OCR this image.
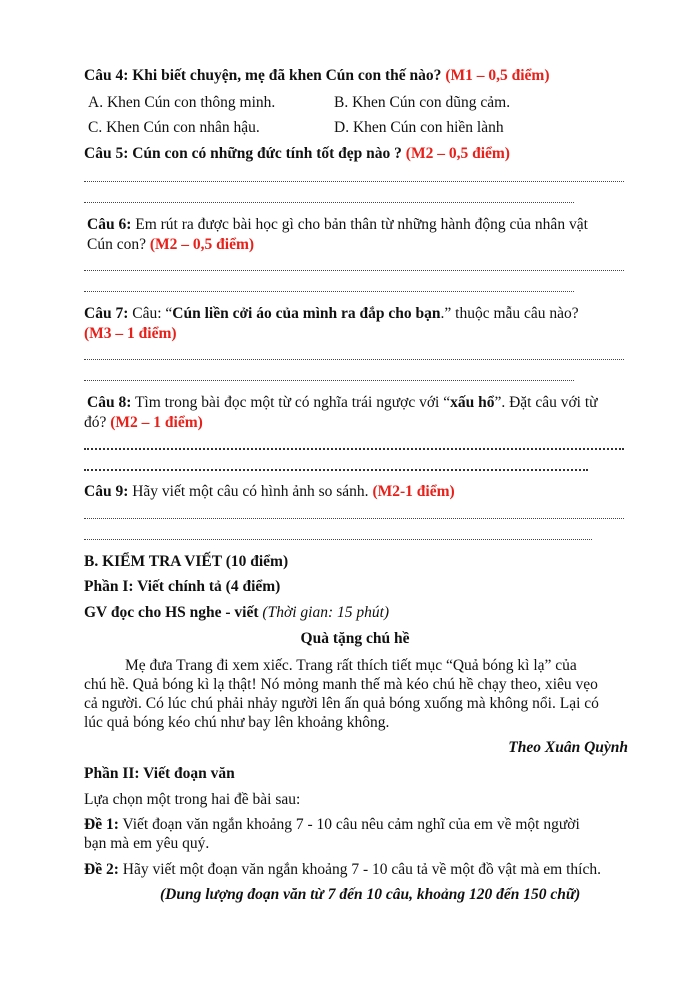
Câu 4: Khi biết chuyện, mẹ đã khen Cún con thế nào? (M1 – 0,5 điểm)
A. Khen Cún con thông minh.	B. Khen Cún con dũng cảm.
C. Khen Cún con nhân hậu.	D. Khen Cún con hiền lành
Câu 5: Cún con có những đức tính tốt đẹp nào ? (M2 – 0,5 điểm)
Câu 6: Em rút ra được bài học gì cho bản thân từ những hành động của nhân vật
Cún con? (M2 – 0,5 điểm)
Câu 7: Câu: “Cún liền cởi áo của mình ra đắp cho bạn.” thuộc mẫu câu nào?
(M3 – 1 điểm)
Câu 8: Tìm trong bài đọc một từ có nghĩa trái ngược với “xấu hổ”. Đặt câu với từ
đó? (M2 – 1 điểm)
Câu 9: Hãy viết một câu có hình ảnh so sánh. (M2-1 điểm)
B. KIỂM TRA VIẾT (10 điểm)
Phần I: Viết chính tả (4 điểm)
GV đọc cho HS nghe - viết (Thời gian: 15 phút)
Quà tặng chú hề
Mẹ đưa Trang đi xem xiếc. Trang rất thích tiết mục “Quả bóng kì lạ” của
chú hề. Quả bóng kì lạ thật! Nó mỏng manh thế mà kéo chú hề chạy theo, xiêu vẹo
cả người. Có lúc chú phải nhảy người lên ấn quả bóng xuống mà không nổi. Lại có
lúc quả bóng kéo chú như bay lên khoảng không.
Theo Xuân Quỳnh
Phần II: Viết đoạn văn
Lựa chọn một trong hai đề bài sau:
Đề 1: Viết đoạn văn ngắn khoảng 7 - 10 câu nêu cảm nghĩ của em về một người
bạn mà em yêu quý.
Đề 2: Hãy viết một đoạn văn ngắn khoảng 7 - 10 câu tả về một đồ vật mà em thích.
(Dung lượng đoạn văn từ 7 đến 10 câu, khoảng 120 đến 150 chữ)
